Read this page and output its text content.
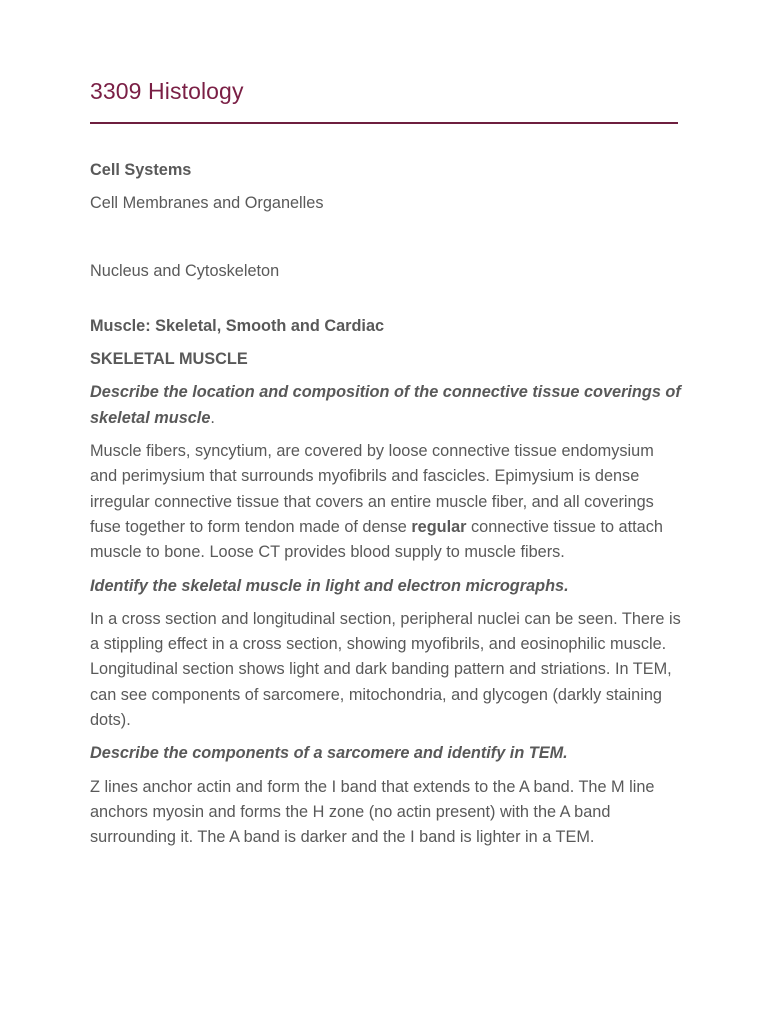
3309 Histology

Cell Systems

Cell Membranes and Organelles

Nucleus and Cytoskeleton

Muscle: Skeletal, Smooth and Cardiac

SKELETAL MUSCLE

Describe the location and composition of the connective tissue coverings of skeletal muscle.

Muscle fibers, syncytium, are covered by loose connective tissue endomysium and perimysium that surrounds myofibrils and fascicles. Epimysium is dense irregular connective tissue that covers an entire muscle fiber, and all coverings fuse together to form tendon made of dense regular connective tissue to attach muscle to bone. Loose CT provides blood supply to muscle fibers.

Identify the skeletal muscle in light and electron micrographs.

In a cross section and longitudinal section, peripheral nuclei can be seen. There is a stippling effect in a cross section, showing myofibrils, and eosinophilic muscle. Longitudinal section shows light and dark banding pattern and striations. In TEM, can see components of sarcomere, mitochondria, and glycogen (darkly staining dots).

Describe the components of a sarcomere and identify in TEM.

Z lines anchor actin and form the I band that extends to the A band. The M line anchors myosin and forms the H zone (no actin present) with the A band surrounding it. The A band is darker and the I band is lighter in a TEM.
